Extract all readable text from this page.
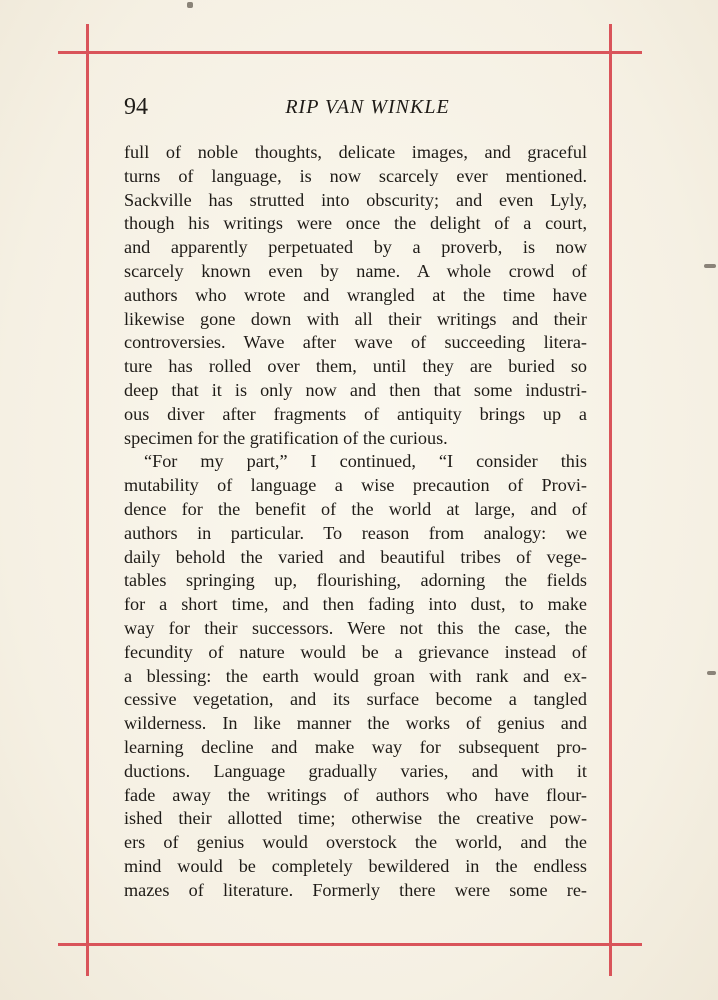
94	RIP VAN WINKLE
full of noble thoughts, delicate images, and graceful
turns of language, is now scarcely ever mentioned.
Sackville has strutted into obscurity; and even Lyly,
though his writings were once the delight of a court,
and apparently perpetuated by a proverb, is now
scarcely known even by name. A whole crowd of
authors who wrote and wrangled at the time have
likewise gone down with all their writings and their
controversies. Wave after wave of succeeding litera-
ture has rolled over them, until they are buried so
deep that it is only now and then that some industri-
ous diver after fragments of antiquity brings up a
specimen for the gratification of the curious.
“For my part,” I continued, “I consider this
mutability of language a wise precaution of Provi-
dence for the benefit of the world at large, and of
authors in particular. To reason from analogy: we
daily behold the varied and beautiful tribes of vege-
tables springing up, flourishing, adorning the fields
for a short time, and then fading into dust, to make
way for their successors. Were not this the case, the
fecundity of nature would be a grievance instead of
a blessing: the earth would groan with rank and ex-
cessive vegetation, and its surface become a tangled
wilderness. In like manner the works of genius and
learning decline and make way for subsequent pro-
ductions. Language gradually varies, and with it
fade away the writings of authors who have flour-
ished their allotted time; otherwise the creative pow-
ers of genius would overstock the world, and the
mind would be completely bewildered in the endless
mazes of literature. Formerly there were some re-
